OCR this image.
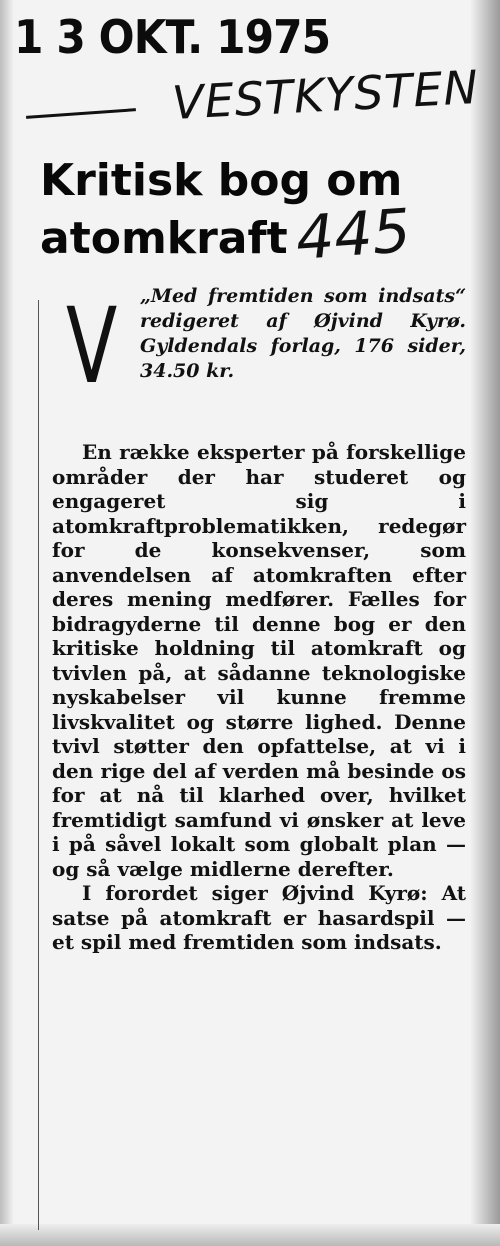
1 3 OKT. 1975

VESTKYSTEN

Kritisk bog om atomkraft 445

V „Med fremtiden som indsats“ redigeret af Øjvind Kyrø. Gyldendals forlag, 176 sider, 34.50 kr.

En række eksperter på forskellige områder der har studeret og engageret sig i atomkraftproblematikken, redegør for de konsekvenser, som anvendelsen af atomkraften efter deres mening medfører. Fælles for bidragyderne til denne bog er den kritiske holdning til atomkraft og tvivlen på, at sådanne teknologiske nyskabelser vil kunne fremme livskvalitet og større lighed. Denne tvivl støtter den opfattelse, at vi i den rige del af verden må besinde os for at nå til klarhed over, hvilket fremtidigt samfund vi ønsker at leve i på såvel lokalt som globalt plan — og så vælge midlerne derefter.

I forordet siger Øjvind Kyrø: At satse på atomkraft er hasardspil — et spil med fremtiden som indsats.
